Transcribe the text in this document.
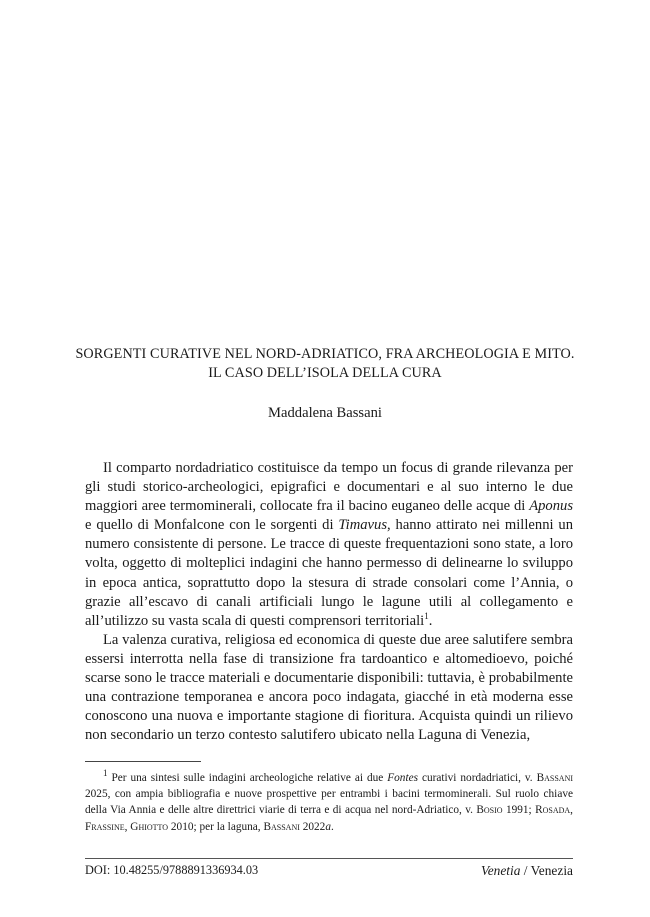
SORGENTI CURATIVE NEL NORD-ADRIATICO, FRA ARCHEOLOGIA E MITO.
IL CASO DELL’ISOLA DELLA CURA
Maddalena Bassani

Il comparto nordadriatico costituisce da tempo un focus di grande rilevanza per gli studi storico-archeologici, epigrafici e documentari e al suo interno le due maggiori aree termominerali, collocate fra il bacino euganeo delle acque di Aponus e quello di Monfalcone con le sorgenti di Timavus, hanno attirato nei millenni un numero consistente di persone. Le tracce di queste frequentazioni sono state, a loro volta, oggetto di molteplici indagini che hanno permesso di delinearne lo sviluppo in epoca antica, soprattutto dopo la stesura di strade consolari come l’Annia, o grazie all’escavo di canali artificiali lungo le lagune utili al collegamento e all’utilizzo su vasta scala di questi comprensori territoriali$^1$.

La valenza curativa, religiosa ed economica di queste due aree salutifere sembra essersi interrotta nella fase di transizione fra tardoantico e altomedioevo, poiché scarse sono le tracce materiali e documentarie disponibili: tuttavia, è probabilmente una contrazione temporanea e ancora poco indagata, giacché in età moderna esse conoscono una nuova e importante stagione di fioritura. Acquista quindi un rilievo non secondario un terzo contesto salutifero ubicato nella Laguna di Venezia,

$^1$ Per una sintesi sulle indagini archeologiche relative ai due Fontes curativi nordadriatici, v. Bassani 2025, con ampia bibliografia e nuove prospettive per entrambi i bacini termominerali. Sul ruolo chiave della Via Annia e delle altre direttrici viarie di terra e di acqua nel nord-Adriatico, v. Bosio 1991; Rosada, Frassine, Ghiotto 2010; per la laguna, Bassani 2022a.

DOI: 10.48255/9788891336934.03	Venetia / Venezia
